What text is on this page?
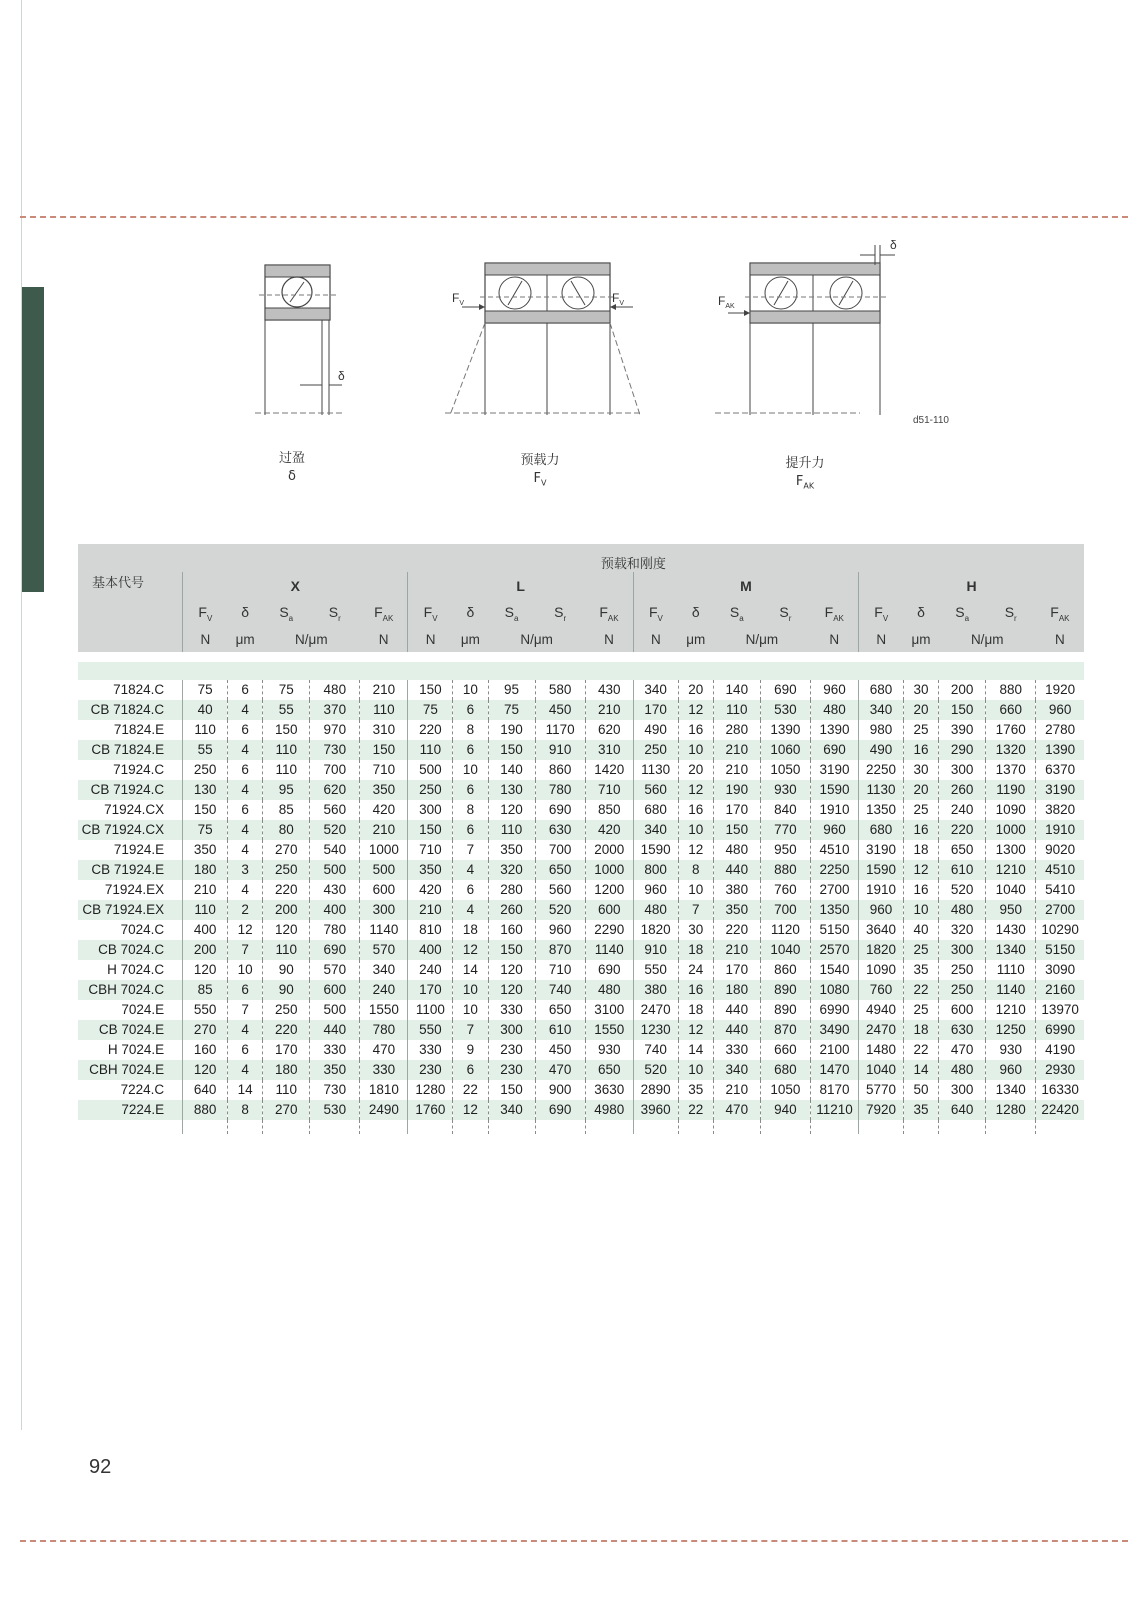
δ
$F_V$	$F_V$
δ
$F_{AK}$
d51-110
过盈
δ
预载力
$F_V$
提升力
$F_{AK}$
	预载和刚度																			
基本代号	X					L					M					H				
	$F_V$	δ	$S_a$	$S_r$	$F_{AK}$	$F_V$	δ	$S_a$	$S_r$	$F_{AK}$	$F_V$	δ	$S_a$	$S_r$	$F_{AK}$	$F_V$	δ	$S_a$	$S_r$	$F_{AK}$
	N	μm	N/μm		N	N	μm	N/μm		N	N	μm	N/μm		N	N	μm	N/μm		N

71824.C	75	6	75	480	210	150	10	95	580	430	340	20	140	690	960	680	30	200	880	1920
CB 71824.C	40	4	55	370	110	75	6	75	450	210	170	12	110	530	480	340	20	150	660	960
71824.E	110	6	150	970	310	220	8	190	1170	620	490	16	280	1390	1390	980	25	390	1760	2780
CB 71824.E	55	4	110	730	150	110	6	150	910	310	250	10	210	1060	690	490	16	290	1320	1390
71924.C	250	6	110	700	710	500	10	140	860	1420	1130	20	210	1050	3190	2250	30	300	1370	6370
CB 71924.C	130	4	95	620	350	250	6	130	780	710	560	12	190	930	1590	1130	20	260	1190	3190
71924.CX	150	6	85	560	420	300	8	120	690	850	680	16	170	840	1910	1350	25	240	1090	3820
CB 71924.CX	75	4	80	520	210	150	6	110	630	420	340	10	150	770	960	680	16	220	1000	1910
71924.E	350	4	270	540	1000	710	7	350	700	2000	1590	12	480	950	4510	3190	18	650	1300	9020
CB 71924.E	180	3	250	500	500	350	4	320	650	1000	800	8	440	880	2250	1590	12	610	1210	4510
71924.EX	210	4	220	430	600	420	6	280	560	1200	960	10	380	760	2700	1910	16	520	1040	5410
CB 71924.EX	110	2	200	400	300	210	4	260	520	600	480	7	350	700	1350	960	10	480	950	2700
7024.C	400	12	120	780	1140	810	18	160	960	2290	1820	30	220	1120	5150	3640	40	320	1430	10290
CB 7024.C	200	7	110	690	570	400	12	150	870	1140	910	18	210	1040	2570	1820	25	300	1340	5150
H 7024.C	120	10	90	570	340	240	14	120	710	690	550	24	170	860	1540	1090	35	250	1110	3090
CBH 7024.C	85	6	90	600	240	170	10	120	740	480	380	16	180	890	1080	760	22	250	1140	2160
7024.E	550	7	250	500	1550	1100	10	330	650	3100	2470	18	440	890	6990	4940	25	600	1210	13970
CB 7024.E	270	4	220	440	780	550	7	300	610	1550	1230	12	440	870	3490	2470	18	630	1250	6990
H 7024.E	160	6	170	330	470	330	9	230	450	930	740	14	330	660	2100	1480	22	470	930	4190
CBH 7024.E	120	4	180	350	330	230	6	230	470	650	520	10	340	680	1470	1040	14	480	960	2930
7224.C	640	14	110	730	1810	1280	22	150	900	3630	2890	35	210	1050	8170	5770	50	300	1340	16330
7224.E	880	8	270	530	2490	1760	12	340	690	4980	3960	22	470	940	11210	7920	35	640	1280	22420

92
